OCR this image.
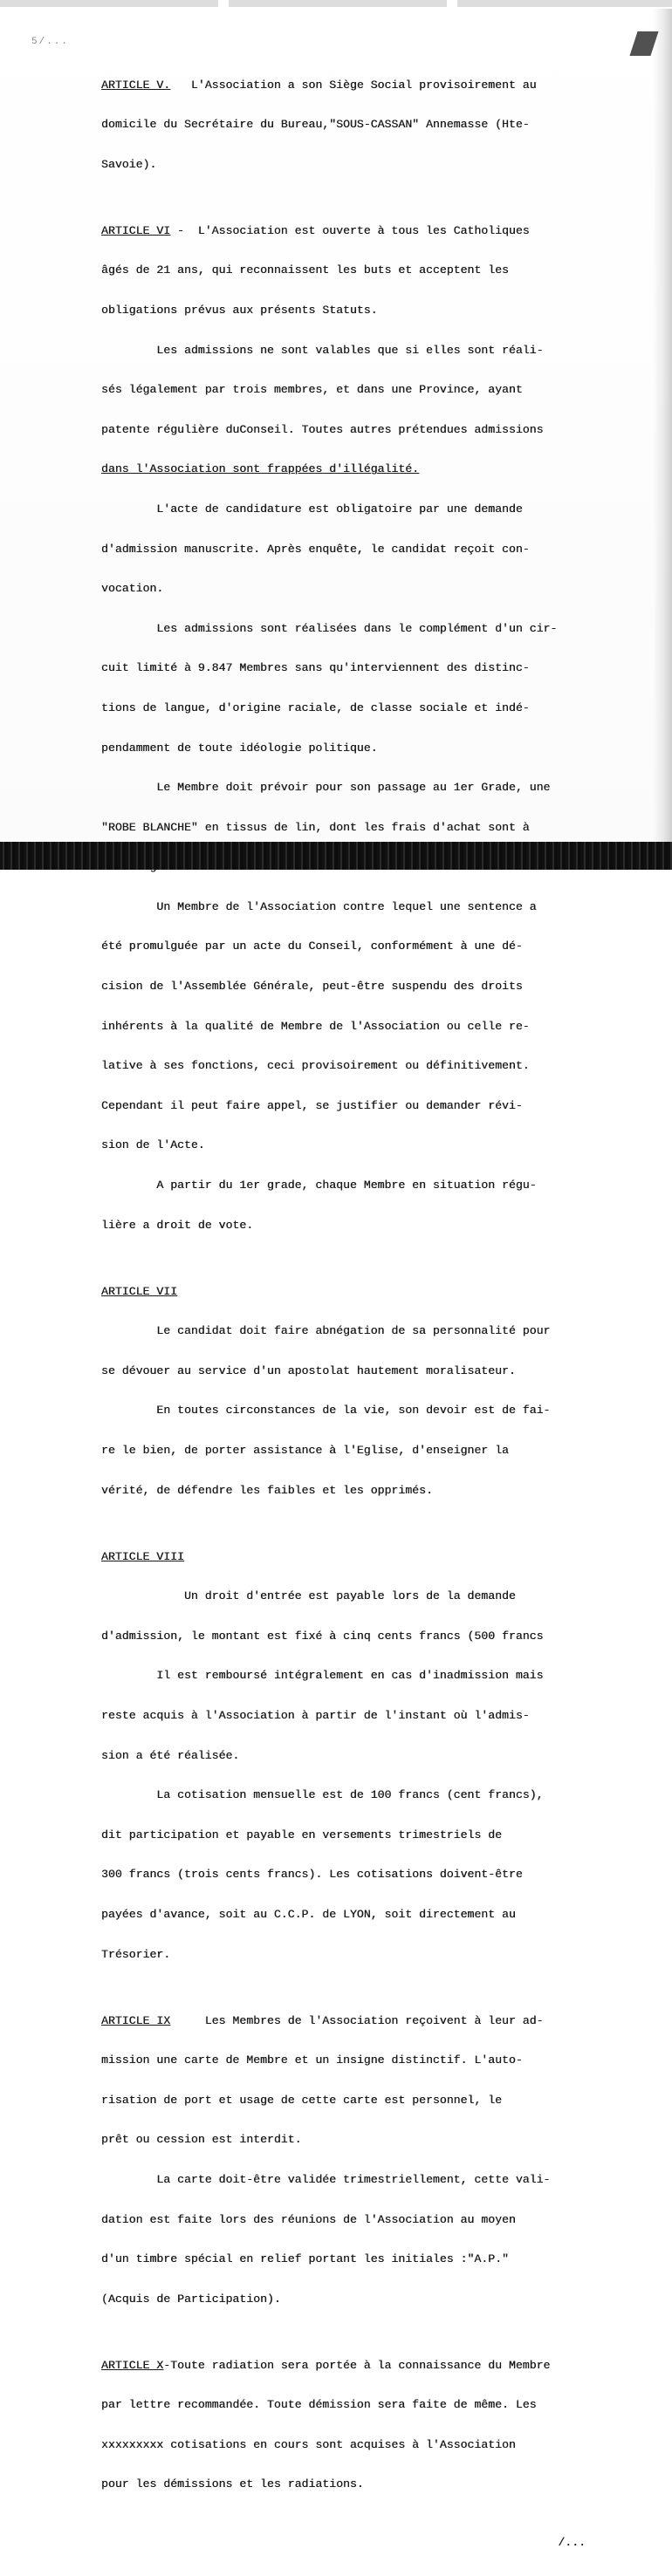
5/...

ARTICLE V.   L'Association a son Siège Social provisoirement au

domicile du Secrétaire du Bureau,"SOUS-CASSAN" Annemasse (Hte-

Savoie).

ARTICLE VI -  L'Association est ouverte à tous les Catholiques

âgés de 21 ans, qui reconnaissent les buts et acceptent les

obligations prévus aux présents Statuts.

Les admissions ne sont valables que si elles sont réali-

sés légalement par trois membres, et dans une Province, ayant

patente régulière duConseil. Toutes autres prétendues admissions

dans l'Association sont frappées d'illégalité.

L'acte de candidature est obligatoire par une demande

d'admission manuscrite. Après enquête, le candidat reçoit con-

vocation.

Les admissions sont réalisées dans le complément d'un cir-

cuit limité à 9.847 Membres sans qu'interviennent des distinc-

tions de langue, d'origine raciale, de classe sociale et indé-

pendamment de toute idéologie politique.

Le Membre doit prévoir pour son passage au 1er Grade, une

"ROBE BLANCHE" en tissus de lin, dont les frais d'achat sont à

Un Membre de l'Association contre lequel une sentence a

été promulguée par un acte du Conseil, conformément à une dé-

cision de l'Assemblée Générale, peut-être suspendu des droits

inhérents à la qualité de Membre de l'Association ou celle re-

lative à ses fonctions, ceci provisoirement ou définitivement.

Cependant il peut faire appel, se justifier ou demander révi-

sion de l'Acte.

A partir du 1er grade, chaque Membre en situation régu-

lière a droit de vote.

ARTICLE VII

Le candidat doit faire abnégation de sa personnalité pour

se dévouer au service d'un apostolat hautement moralisateur.

En toutes circonstances de la vie, son devoir est de fai-

re le bien, de porter assistance à l'Eglise, d'enseigner la

vérité, de défendre les faibles et les opprimés.

ARTICLE VIII

Un droit d'entrée est payable lors de la demande

d'admission, le montant est fixé à cinq cents francs (500 francs

Il est remboursé intégralement en cas d'inadmission mais

reste acquis à l'Association à partir de l'instant où l'admis-

sion a été réalisée.

La cotisation mensuelle est de 100 francs (cent francs),

dit participation et payable en versements trimestriels de

300 francs (trois cents francs). Les cotisations doivent-être

payées d'avance, soit au C.C.P. de LYON, soit directement au

Trésorier.

ARTICLE IX     Les Membres de l'Association reçoivent à leur ad-

mission une carte de Membre et un insigne distinctif. L'auto-

risation de port et usage de cette carte est personnel, le

prêt ou cession est interdit.

La carte doit-être validée trimestriellement, cette vali-

dation est faite lors des réunions de l'Association au moyen

d'un timbre spécial en relief portant les initiales :"A.P."

(Acquis de Participation).

ARTICLE X-Toute radiation sera portée à la connaissance du Membre

par lettre recommandée. Toute démission sera faite de même. Les

xxxxxxxxx cotisations en cours sont acquises à l'Association

pour les démissions et les radiations.

/...
